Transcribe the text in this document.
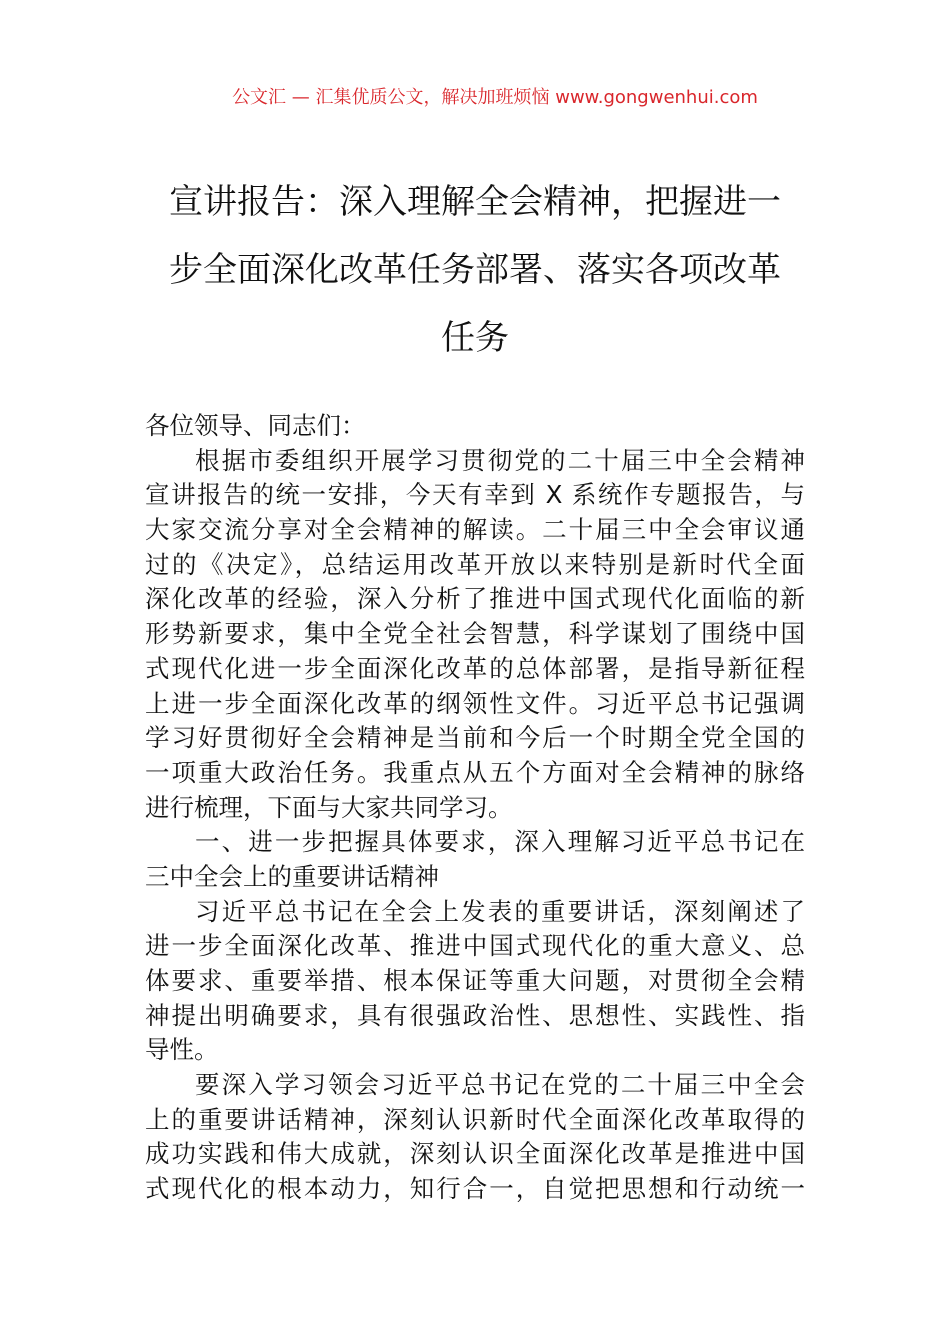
公文汇 — 汇集优质公文，解决加班烦恼 www.gongwenhui.com
宣讲报告：深入理解全会精神，把握进一
步全面深化改革任务部署、落实各项改革
任务
各位领导、同志们：
根据市委组织开展学习贯彻党的二十届三中全会精神
宣讲报告的统一安排，今天有幸到 X 系统作专题报告，与
大家交流分享对全会精神的解读。二十届三中全会审议通
过的《决定》，总结运用改革开放以来特别是新时代全面
深化改革的经验，深入分析了推进中国式现代化面临的新
形势新要求，集中全党全社会智慧，科学谋划了围绕中国
式现代化进一步全面深化改革的总体部署，是指导新征程
上进一步全面深化改革的纲领性文件。习近平总书记强调
学习好贯彻好全会精神是当前和今后一个时期全党全国的
一项重大政治任务。我重点从五个方面对全会精神的脉络
进行梳理，下面与大家共同学习。
一、进一步把握具体要求，深入理解习近平总书记在
三中全会上的重要讲话精神
习近平总书记在全会上发表的重要讲话，深刻阐述了
进一步全面深化改革、推进中国式现代化的重大意义、总
体要求、重要举措、根本保证等重大问题，对贯彻全会精
神提出明确要求，具有很强政治性、思想性、实践性、指
导性。
要深入学习领会习近平总书记在党的二十届三中全会
上的重要讲话精神，深刻认识新时代全面深化改革取得的
成功实践和伟大成就，深刻认识全面深化改革是推进中国
式现代化的根本动力，知行合一，自觉把思想和行动统一
